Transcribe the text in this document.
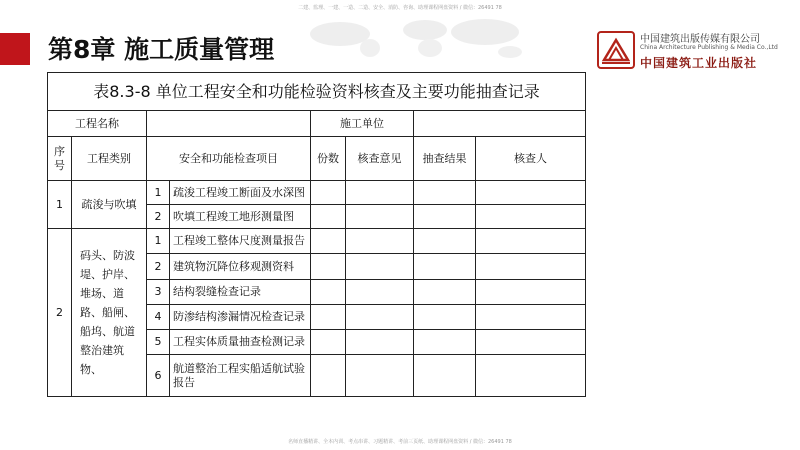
二建、监理、一建、一造、二造、安全、消防、咨询、助理课程网盘资料 / 微信：26491 78
第8章 施工质量管理	中国建筑出版传媒有限公司
China Architecture Publishing & Media Co.,Ltd
中国建筑工业出版社
表8.3-8 单位工程安全和功能检验资料核查及主要功能抽查记录							
工程名称				施工单位			
序号	工程类别	安全和功能检查项目		份数	核查意见	抽查结果	核查人
1	疏浚与吹填	1	疏浚工程竣工断面及水深图				
		2	吹填工程竣工地形测量图				
2	码头、防波堤、护岸、堆场、道路、船闸、船坞、航道整治建筑物、	1	工程竣工整体尺度测量报告				
		2	建筑物沉降位移观测资料				
		3	结构裂缝检查记录				
		4	防渗结构渗漏情况检查记录				
		5	工程实体质量抽查检测记录				
		6	航道整治工程实船适航试验报告				
名师直播精讲、全本内训、考点串讲、习题精讲、考前三页纸、助理课程网盘资料 / 微信：26491 78
